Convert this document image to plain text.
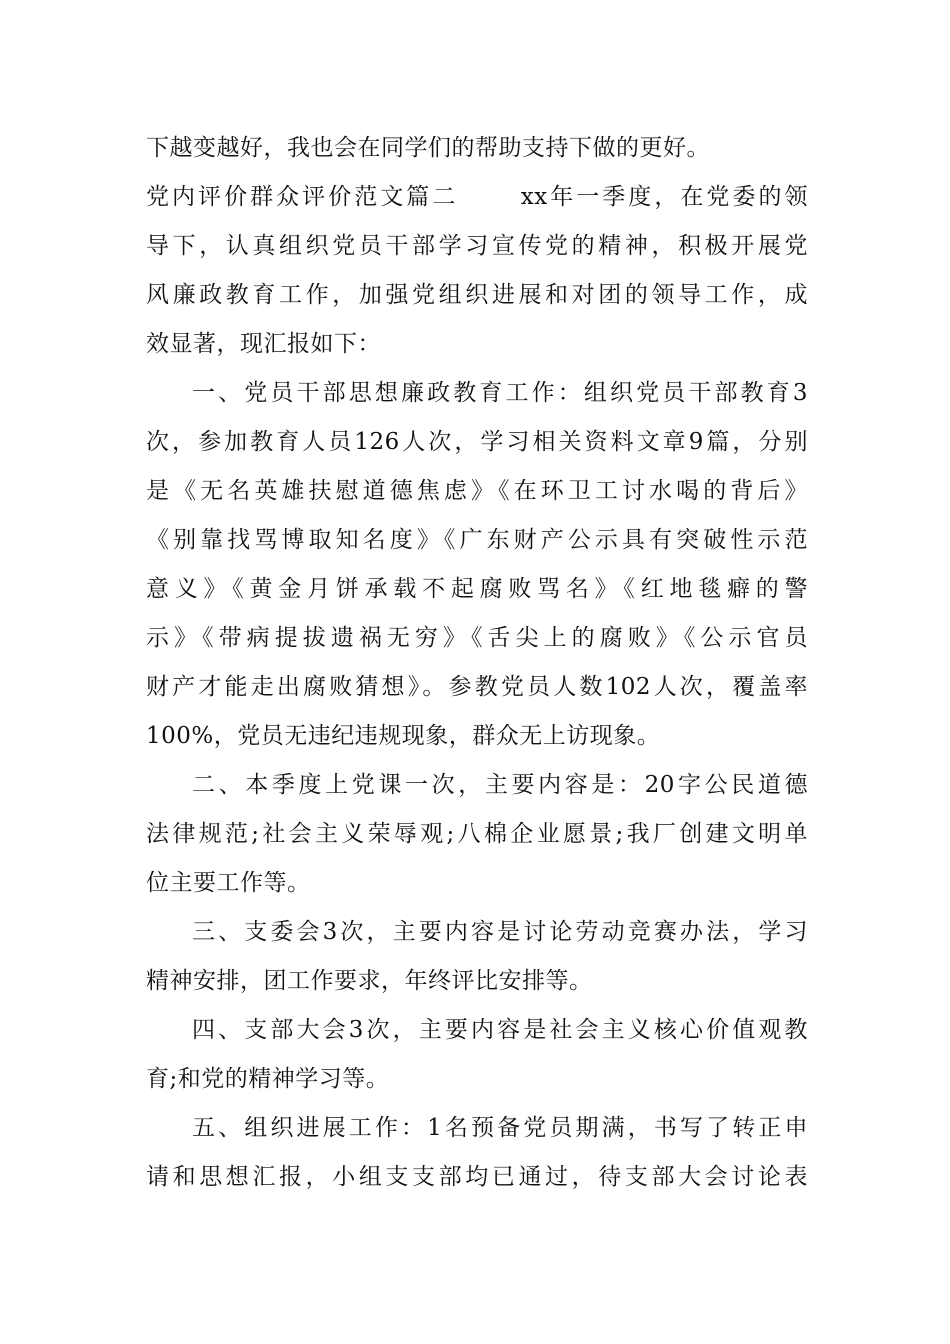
下越变越好，我也会在同学们的帮助支持下做的更好。
党内评价群众评价范文篇二 　　xx年一季度，在党委的领
导下，认真组织党员干部学习宣传党的精神，积极开展党
风廉政教育工作，加强党组织进展和对团的领导工作，成
效显著，现汇报如下：
一、党员干部思想廉政教育工作：组织党员干部教育3
次，参加教育人员126人次，学习相关资料文章9篇，分别
是《无名英雄扶慰道德焦虑》《在环卫工讨水喝的背后》
《别靠找骂博取知名度》《广东财产公示具有突破性示范
意义》《黄金月饼承载不起腐败骂名》《红地毯癖的警
示》《带病提拔遗祸无穷》《舌尖上的腐败》《公示官员
财产才能走出腐败猜想》。参教党员人数102人次，覆盖率
100%，党员无违纪违规现象，群众无上访现象。
二、本季度上党课一次，主要内容是：20字公民道德
法律规范;社会主义荣辱观;八棉企业愿景;我厂创建文明单
位主要工作等。
三、支委会3次，主要内容是讨论劳动竞赛办法，学习
精神安排，团工作要求，年终评比安排等。
四、支部大会3次，主要内容是社会主义核心价值观教
育;和党的精神学习等。
五、组织进展工作：1名预备党员期满，书写了转正申
请和思想汇报，小组支支部均已通过，待支部大会讨论表
